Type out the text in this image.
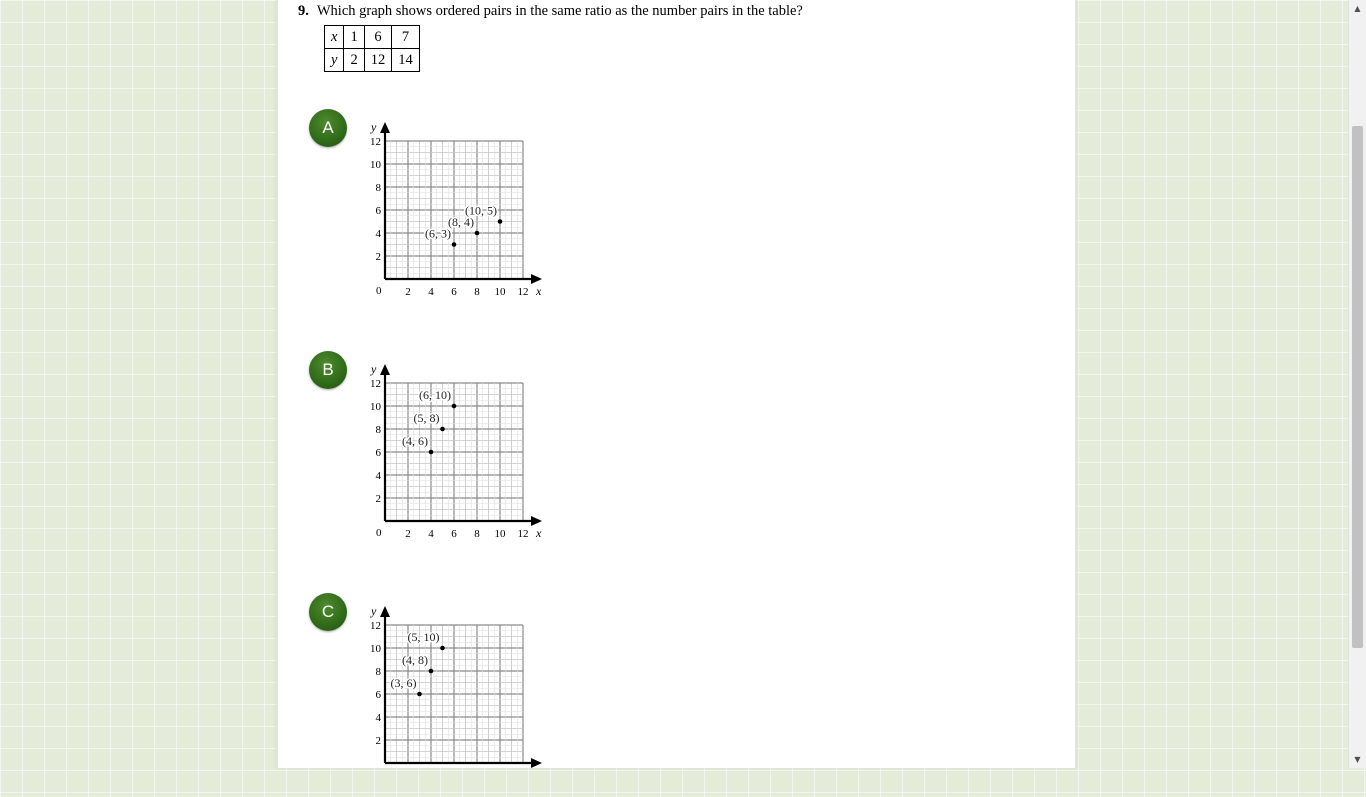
9. Which graph shows ordered pairs in the same ratio as the number pairs in the table?
x	1	6	7
y	2	12	14
A	y
x
0 2 4 6 8 10 12
2
4
6
8
10
12
(6, 3)
(8, 4)
(10, 5)
B	y
x
0 2 4 6 8 10 12
2
4
6
8
10
12
(4, 6)
(5, 8)
(6, 10)
C	y
2
4
6
8
10
12
(3, 6)
(4, 8)
(5, 10)
▲
▼
